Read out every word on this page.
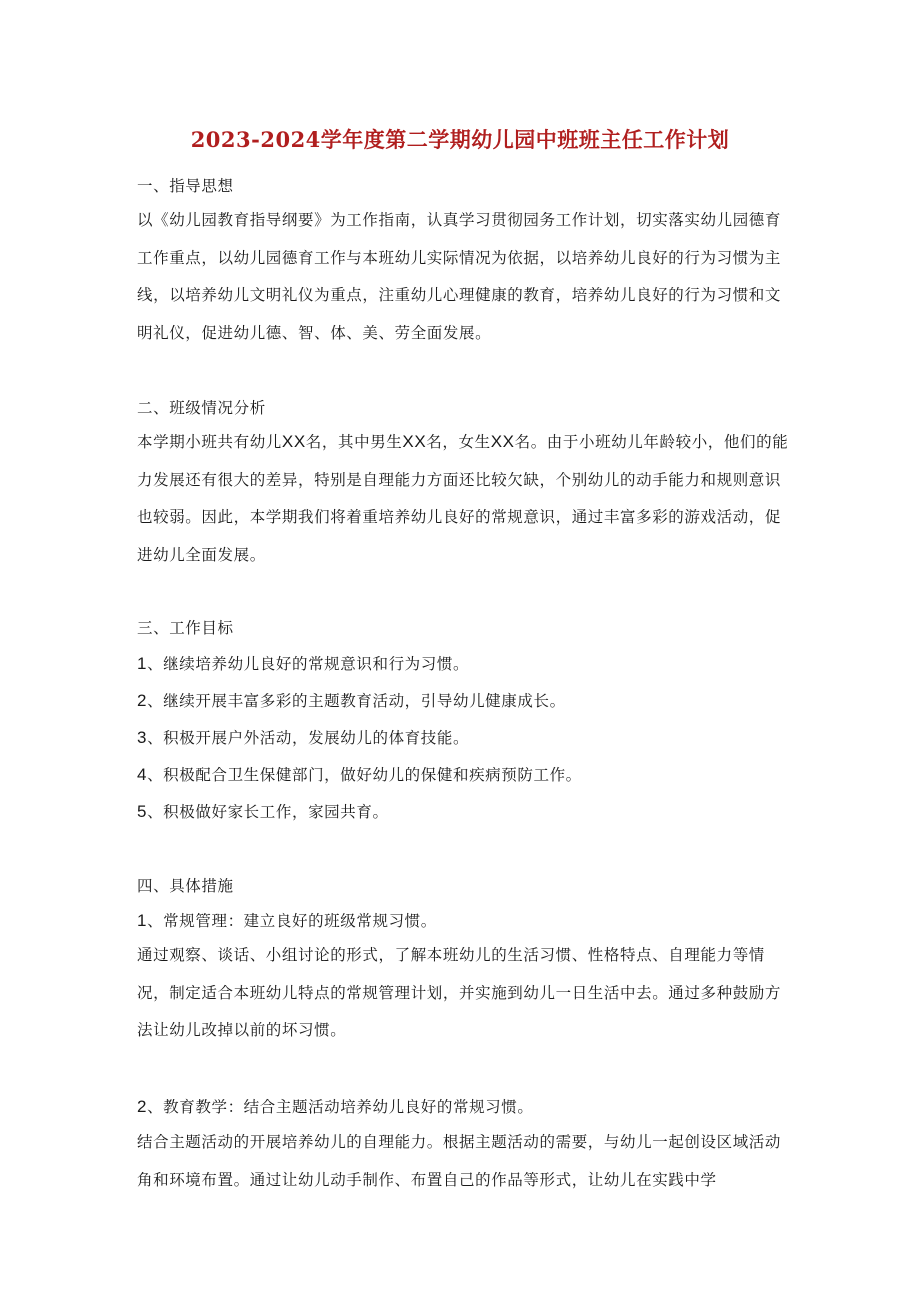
2023-2024学年度第二学期幼儿园中班班主任工作计划
一、指导思想

以《幼儿园教育指导纲要》为工作指南，认真学习贯彻园务工作计划，切实落实幼儿园德育工作重点，以幼儿园德育工作与本班幼儿实际情况为依据，以培养幼儿良好的行为习惯为主线，以培养幼儿文明礼仪为重点，注重幼儿心理健康的教育，培养幼儿良好的行为习惯和文明礼仪，促进幼儿德、智、体、美、劳全面发展。

二、班级情况分析

本学期小班共有幼儿XX名，其中男生XX名，女生XX名。由于小班幼儿年龄较小，他们的能力发展还有很大的差异，特别是自理能力方面还比较欠缺，个别幼儿的动手能力和规则意识也较弱。因此，本学期我们将着重培养幼儿良好的常规意识，通过丰富多彩的游戏活动，促进幼儿全面发展。

三、工作目标
1、继续培养幼儿良好的常规意识和行为习惯。
2、继续开展丰富多彩的主题教育活动，引导幼儿健康成长。
3、积极开展户外活动，发展幼儿的体育技能。
4、积极配合卫生保健部门，做好幼儿的保健和疾病预防工作。
5、积极做好家长工作，家园共育。
四、具体措施
1、常规管理：建立良好的班级常规习惯。

通过观察、谈话、小组讨论的形式，了解本班幼儿的生活习惯、性格特点、自理能力等情况，制定适合本班幼儿特点的常规管理计划，并实施到幼儿一日生活中去。通过多种鼓励方法让幼儿改掉以前的坏习惯。

2、教育教学：结合主题活动培养幼儿良好的常规习惯。

结合主题活动的开展培养幼儿的自理能力。根据主题活动的需要，与幼儿一起创设区域活动角和环境布置。通过让幼儿动手制作、布置自己的作品等形式，让幼儿在实践中学
